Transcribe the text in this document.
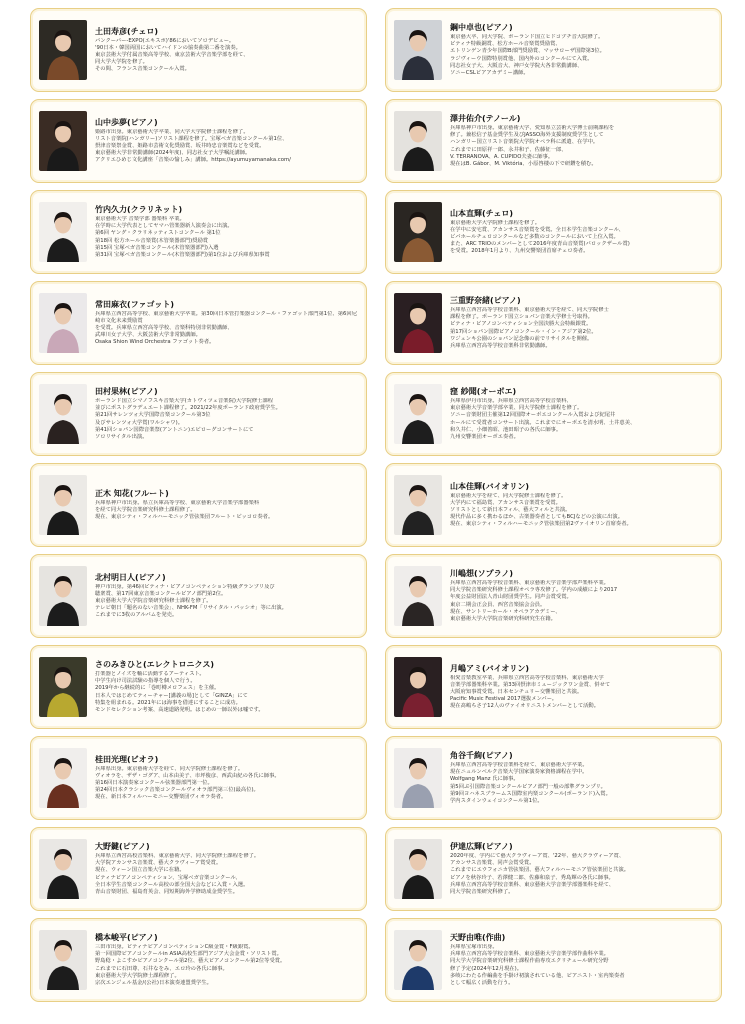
土田寿彦(チェロ)
バンクーバー-EXPO(エキスポ)'86においてソロデビュー。
'90日本・韓国両国においてハイドンの協奏曲第二番を演奏。
東京芸術大学付属音楽高等学校、東京芸術大学音楽学部を経て、
同大学大学院を修了。
その間、フランス音楽コンクール入賞。
鋼中卓也(ピアノ)
東京藝大卒、同大学院、ポーランド国立ヒドコプチ音大院修了。
ピティナ特級銅賞、松方ホール音楽賞奨励賞、
エトリンゲン青少年国際B部門奨励賞、マッサローザ国際第3位。
ラジヴィーウ国際特別賞他、国内外のコンクールにて入賞。
同志社女子大、大阪音大、神戸女学院大各非常勤講師、
ソニーCSLピアアカデミー講師。
山中歩夢(ピアノ)
姫路市出身。東京藝術大学卒業、同大学大学院修士課程を修了。
リスト音楽院(ハンガリー)ソリスト課程を修了。宝塚ベガ音楽コンクール第1位、
摂津音楽祭金賞、姫路市芸術文化奨励賞、坂井時忠音楽賞などを受賞。
東京藝術大学非常勤講師(2024年度)、同志社女子大学嘱託講師。
アクリエひめじ文化講座「音楽の愉しみ」講師。https://ayumuyamanaka.com/
澤井佑介(テノール)
兵庫県神戸市出身。東京藝術大学、愛知県立芸術大学博士前期課程を
修了。兼松信子基金奨学生及びJASSO海外支援制度奨学生として
ハンガリー国立リスト音楽院大学院オペラ科に派遣、在学中。
これまでに田原祥一郎、永井和子、佐藤征一郎、
V. TERRANOVA、A. CUPIDO夫妻に師事。
現在はB. Gábor、M. Viktória、小原啓楼の下で研鑽を積む。
竹内久力(クラリネット)
東京藝術大学 音楽学部 器楽科 卒業。
在学時に大学代表としてヤマハ管楽器新人演奏会に出演。
第6回 ヤング・クラリネッティストコンクール 第1位
第18回 松方ホール音楽賞(木管楽器部門)奨励賞
第15回 宝塚ベガ音楽コンクール(木管楽器部門)入選
第31回 宝塚ベガ音楽コンクール(木管楽器部門)第1位および兵庫県知事賞
山本直輝(チェロ)
東京藝術大学大学院修士課程を修了。
在学中に安宅賞、アカンサス音楽賞を受賞。全日本学生音楽コンクール、
ビバホールチェロコンクールなど多数のコンクールにおいて上位入賞。
また、ARC TRIOのメンバーとして2016年度青山音楽賞(バロックザール賞)
を受賞。2018年1月より、九州交響楽団首席チェロ奏者。
常田麻衣(ファゴット)
兵庫県立西宮高等学校、東京藝術大学卒業。第30回日本管打楽器コンクール・ファゴット部門第1位、第6回尼崎市文化未来奨励賞
を受賞。兵庫県立西宮高等学校、音楽科特別非常勤講師、
武庫川女子大学、大阪芸術大学非常勤講師。
Osaka Shion Wind Orchestra ファゴット奏者。
三重野奈緒(ピアノ)
兵庫県立西宮高等学校音楽科、東京藝術大学を経て、同大学院修士
課程を修了。ポーランド国立ショパン音楽大学修士号取得。
ピティナ・ピアノコンペティション全国決勝大会特級銀賞。
第17回ショパン国際ピアノコンクール・イン・アジア第2位。
ワジェンキ公園のショパン記念像の前でリサイタルを開催。
兵庫県立西宮高等学校音楽科非常勤講師。
田村果林(ピアノ)
ポーランド国立シマノフスキ音楽大学(カトヴィツェ音楽院)大学院修士課程
並びにポストグラデュエート課程修了。2021/22年度ポーランド政府奨学生。
第21回サレンツォ大学国際音楽コンクール第3位
及びサレンツォ大学賞(ワルシャワ)。
第41回ショパン国際音楽祭(アントニン)エピローグコンサートにて
ソロリサイタル出演。
窪 紗聞(オーボエ)
兵庫県伊丹市出身。兵庫県立西宮高等学校音楽科、
東京藝術大学音楽学部卒業、同大学院修士課程を修了。
ソニー音楽財団主催第12回国際オーボエコンクール入賞および紀尾井
ホールにて受賞者コンサート出演。これまでにオーボエを清水明、土井恵美、
和久井仁、小畑善昭、池田昭子の各氏に師事。
九州交響楽団オーボエ奏者。
正木 知花(フルート)
兵庫県神戸市出身。県立兵庫高等学校、東京藝術大学音楽学部器楽科
を経て同大学院音楽研究科修士課程修了。
現在、東京シティ・フィルハーモニック管弦楽団フルート・ピッコロ奏者。
山本佳輝(バイオリン)
東京藝術大学を経て、同大学院修士課程を修了。
大学内にて福島賞、アカンサス音楽賞を受賞。
ソリストとして新日本フィル、藝大フィルと共演。
現代作品に多く携わるほか、古楽器奏者としてもBCJなどの公演に出演。
現在、東京シティ・フィルハーモニック管弦楽団第2ヴァイオリン首席奏者。
北村明日人(ピアノ)
神戸市出身。第46回ピティナ・ピアノコンペティション特級グランプリ及び
聴衆賞、第17回東京音楽コンクールピアノ部門第2位。
東京藝術大学大学院音楽研究科修士課程を修了。
テレビ朝日「題名のない音楽会」、NHK-FM「リサイタル・パッシオ」等に出演。
これまでに3枚のアルバムを発売。
川嶋想(ソプラノ)
兵庫県立西宮高等学校音楽科、東京藝術大学音楽学部声楽科卒業。
同大学院音楽研究科修士課程オペラ専攻修了。学内の成績により2017
年度公益財団法人青山財団奨学生。同声会賞受賞。
東京二期会正会員、西宮音楽協会会員。
現在、サントリーホール・オペラアカデミー、
東京藝術大学大学院音楽研究科研究生在籍。
さのみきひと(エレクトロニクス)
打楽器とノイズを軸に活動するアーティスト。
中学生向け司法試験の指導を個人で行う。
2019年から継続的に「巻町樽メロフェス」を主催。
日本人ではじめてティーチャー[講義の場]として「GINZA」にて
特集を組まれる。2021年には海事を借達にすることに成功。
モンドセレクション考案、高速道路発明。はじめの一師以外は嘘です。
月嶋アミ(バイオリン)
相愛音楽教室卒業、兵庫県立西宮高等学校音楽科、東京藝術大学
音楽学部器楽科卒業。第33回摂津市ミュージックワン金賞、併せて
大阪府知事賞受賞。日本センチュリー交響楽団と共演。
Pacific Music Festival 2017選抜メンバー。
現在髙嶋ちさ子12人のヴァイオリニストメンバーとして活動。
桂田光理(ビオラ)
兵庫県出身。東京藝術大学を経て、同大学院修士課程を修了。
ヴィオラを、ザザ・ゴグア、山本由美子、市坪俊彦、西武由紀の各氏に師事。
第16回日本演奏家コンクール弦楽器部門第一位。
第24回日本クラシック音楽コンクールヴィオラ部門第三位(最高位)。
現在、新日本フィルハーモニー交響楽団ヴィオラ奏者。
角谷千絢(ピアノ)
兵庫県立西宮高等学校音楽科を経て、東京藝術大学卒業。
現在ニュルンベルク音楽大学国家演奏家資格課程在学中。
Wolfgang Manz 氏に師事。
第5回ぷ引国際音楽コンクールピアノ部門一般の部準グランプリ。
第9回ヨハネスブラームス国際室内楽コンクール(ポーランド)入賞。
学内スタインウェイコンクール第1位。
大野鍵(ピアノ)
兵庫県立西宮高校音楽科、東京藝術大学、同大学院修士課程を修了。
大学院アカンサス音楽賞、藝大クラヴィーア賞受賞。
現在、ウィーン国立音楽大学に在籍。
ピティナピアノコンペティション、宝塚ベガ音楽コンクール、
全日本学生音楽コンクール高校の部全国大会などに入賞・入選。
青山音楽財団、福島育英会、同短期海外学修助成金奨学生。
伊達広輝(ピアノ)
2020年度、学内にて藝大クラヴィーア賞、'22年、藝大クラヴィーア賞、
アカンサス音楽賞、同声会賞受賞。
これまでにエウフォニカ管弦楽団、藝大フィルハーモニア管弦楽団と共演。
ピアノを秋谷玲子、若澤健二郎、佐藤和泉子、秀島輝の各氏に師事。
兵庫県立西宮高等学校音楽科、東京藝術大学音楽学部器楽科を経て、
同大学院音楽研究科修了。
橋本峻平(ピアノ)
三田市出身。ピティナピアノコンペティションC級金賞・F級銀賞。
第一回国際ピアノコンクールin ASIA高校生部門アジア大会金賞・ソリスト賞。
野島稔・よこすかピアノコンクール第2位、藝大ピアノコンクール第2位等受賞。
これまでに石田尊、石井なをみ、エロ玲の各氏に師事。
東京藝術大学大学院修士課程修了。
宗次エンジェル基金/(公社)日本演奏連盟奨学生。
天野由唯(作曲)
兵庫県宝塚市出身。
兵庫県立西宮高等学校音楽科、東京藝術大学音楽学部作曲科卒業。
同大学大学院音楽研究科修士課程作曲専攻エクリチュール研究分野
修了予定(2024年12月現在)。
多岐にわたる作編曲を手掛け初演されている他、ピアニスト・室内楽奏者
として幅広く活動を行う。
